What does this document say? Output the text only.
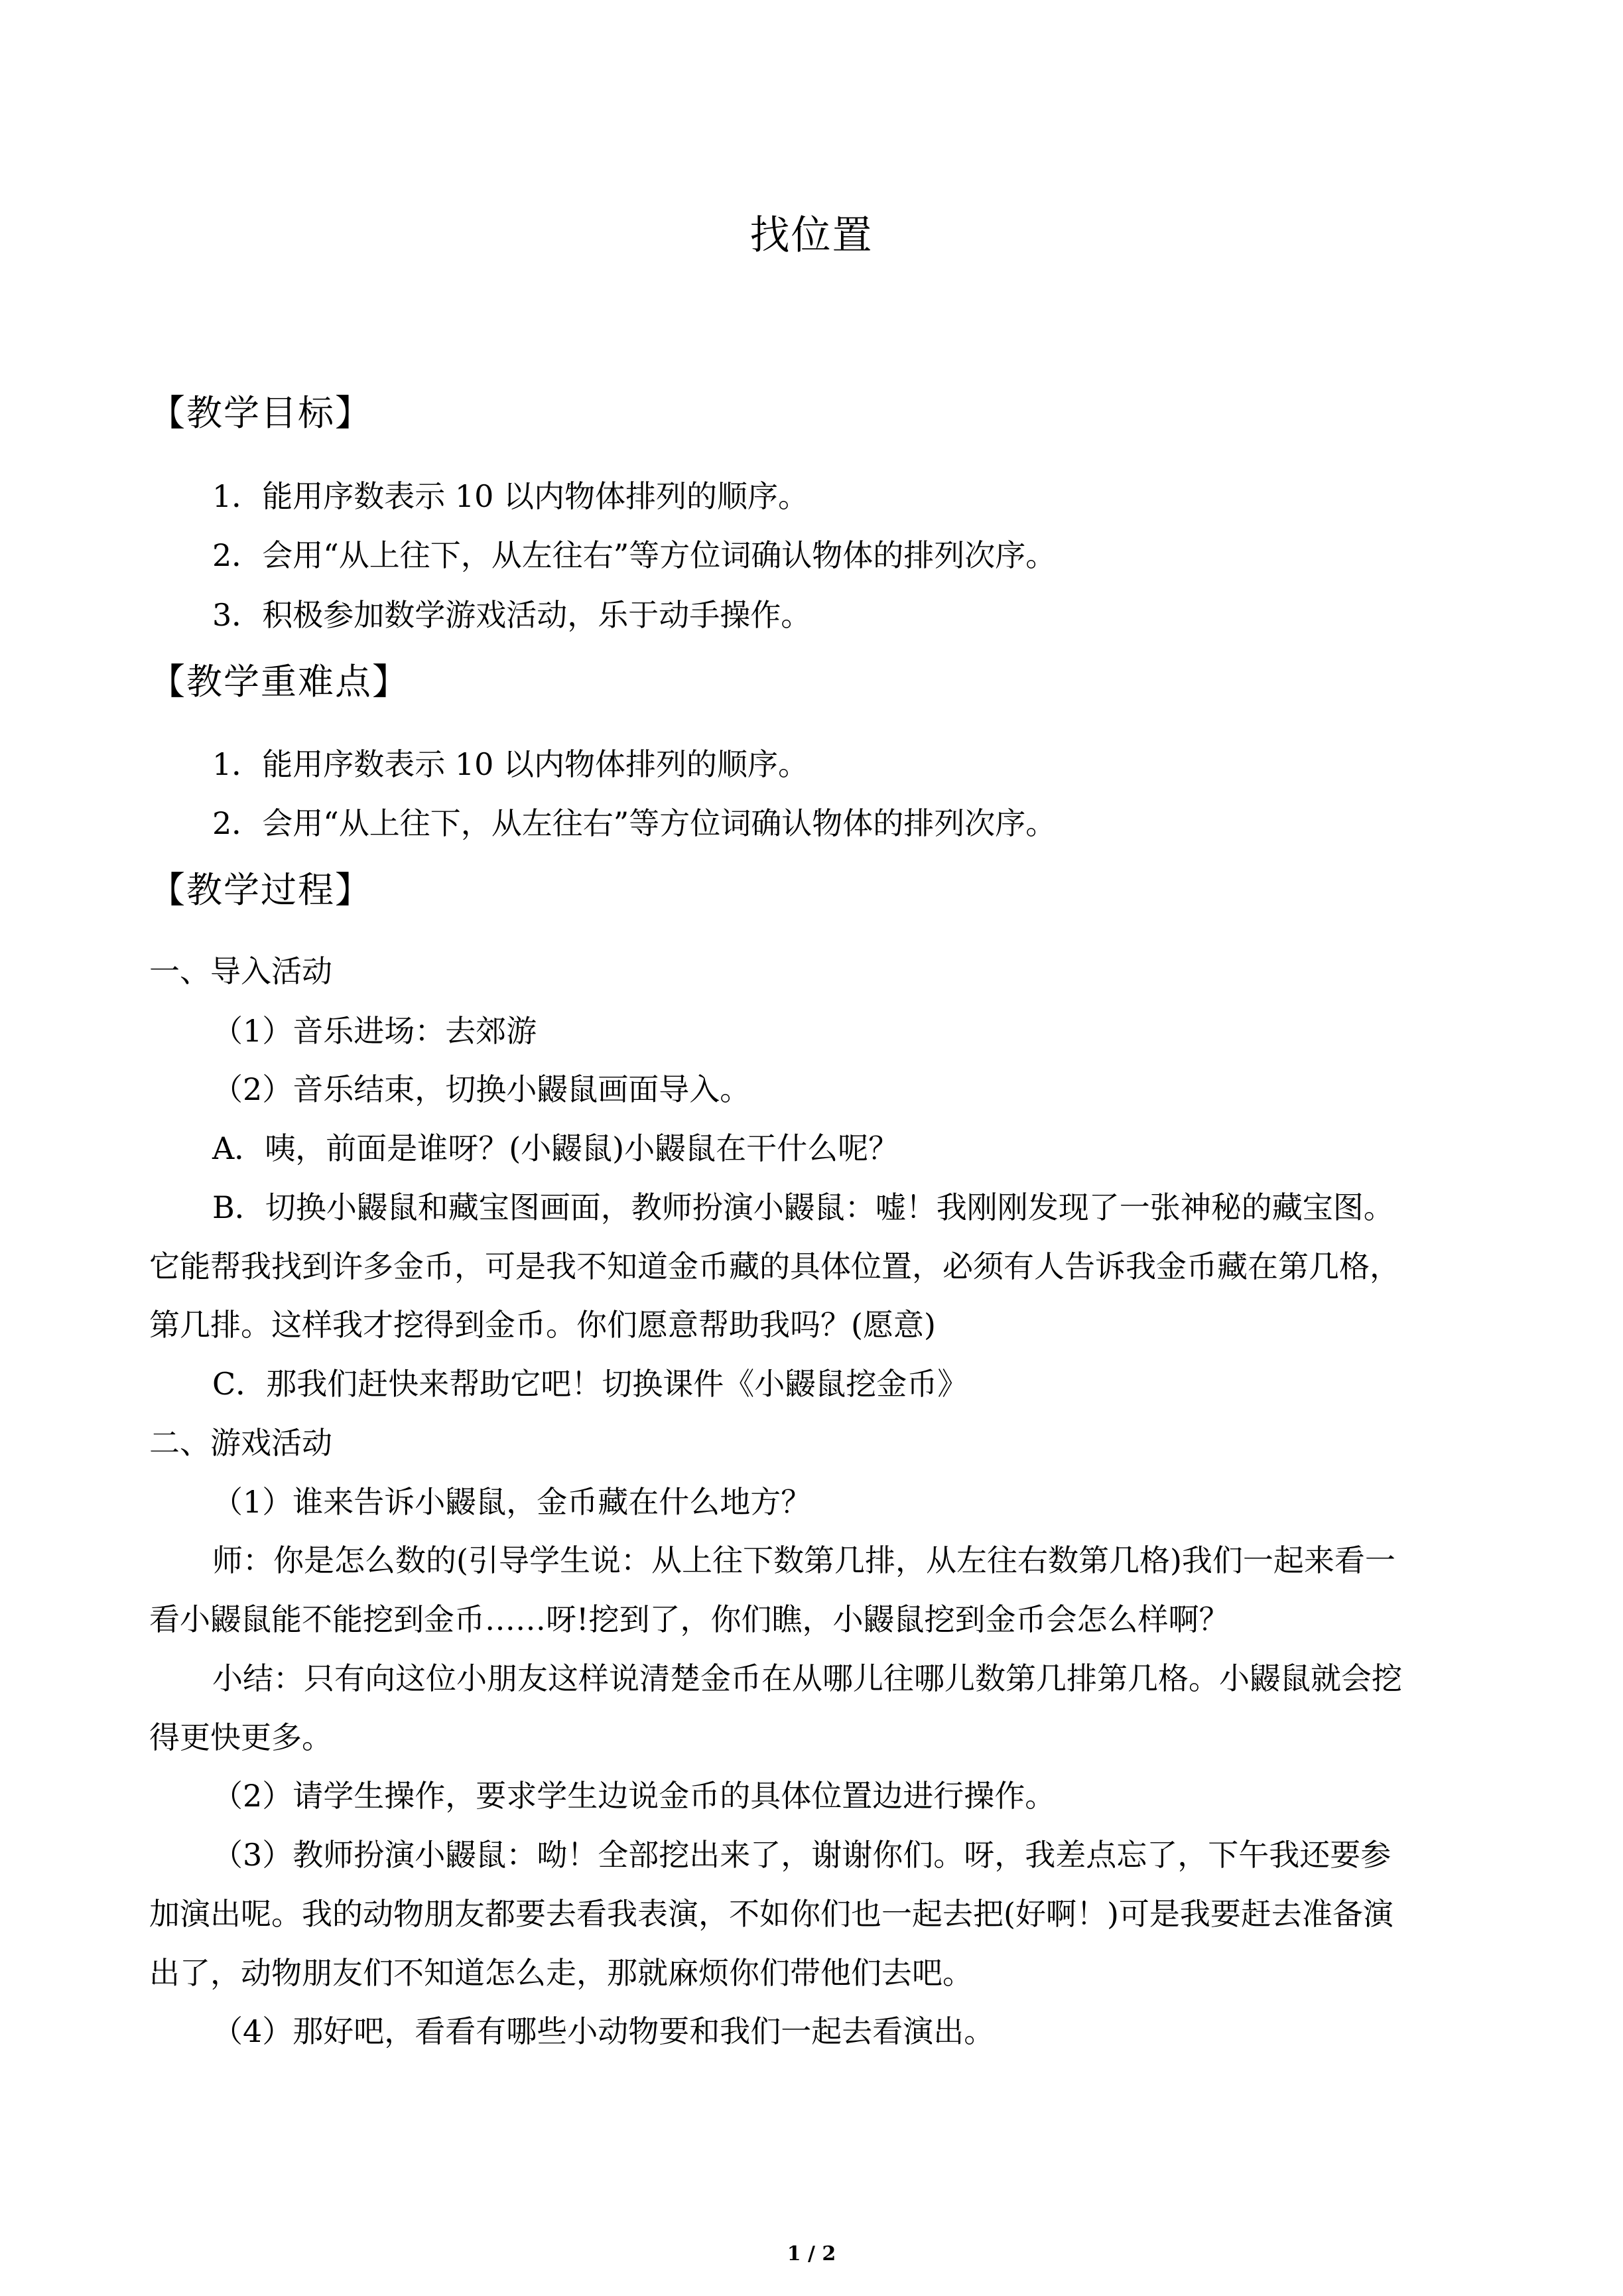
找位置
【教学目标】
1．能用序数表示 10 以内物体排列的顺序。
2．会用“从上往下，从左往右”等方位词确认物体的排列次序。
3．积极参加数学游戏活动，乐于动手操作。
【教学重难点】
1．能用序数表示 10 以内物体排列的顺序。
2．会用“从上往下，从左往右”等方位词确认物体的排列次序。
【教学过程】
一、导入活动
（1）音乐进场：去郊游
（2）音乐结束，切换小鼹鼠画面导入。
A．咦，前面是谁呀？(小鼹鼠)小鼹鼠在干什么呢？
B．切换小鼹鼠和藏宝图画面，教师扮演小鼹鼠：嘘！我刚刚发现了一张神秘的藏宝图。
它能帮我找到许多金币，可是我不知道金币藏的具体位置，必须有人告诉我金币藏在第几格，
第几排。这样我才挖得到金币。你们愿意帮助我吗？(愿意)
C．那我们赶快来帮助它吧！切换课件《小鼹鼠挖金币》
二、游戏活动
（1）谁来告诉小鼹鼠，金币藏在什么地方？
师：你是怎么数的(引导学生说：从上往下数第几排，从左往右数第几格)我们一起来看一
看小鼹鼠能不能挖到金币……呀!挖到了，你们瞧，小鼹鼠挖到金币会怎么样啊？
小结：只有向这位小朋友这样说清楚金币在从哪儿往哪儿数第几排第几格。小鼹鼠就会挖
得更快更多。
（2）请学生操作，要求学生边说金币的具体位置边进行操作。
（3）教师扮演小鼹鼠：呦！全部挖出来了，谢谢你们。呀，我差点忘了，下午我还要参
加演出呢。我的动物朋友都要去看我表演，不如你们也一起去把(好啊！)可是我要赶去准备演
出了，动物朋友们不知道怎么走，那就麻烦你们带他们去吧。
（4）那好吧，看看有哪些小动物要和我们一起去看演出。
1 / 2
